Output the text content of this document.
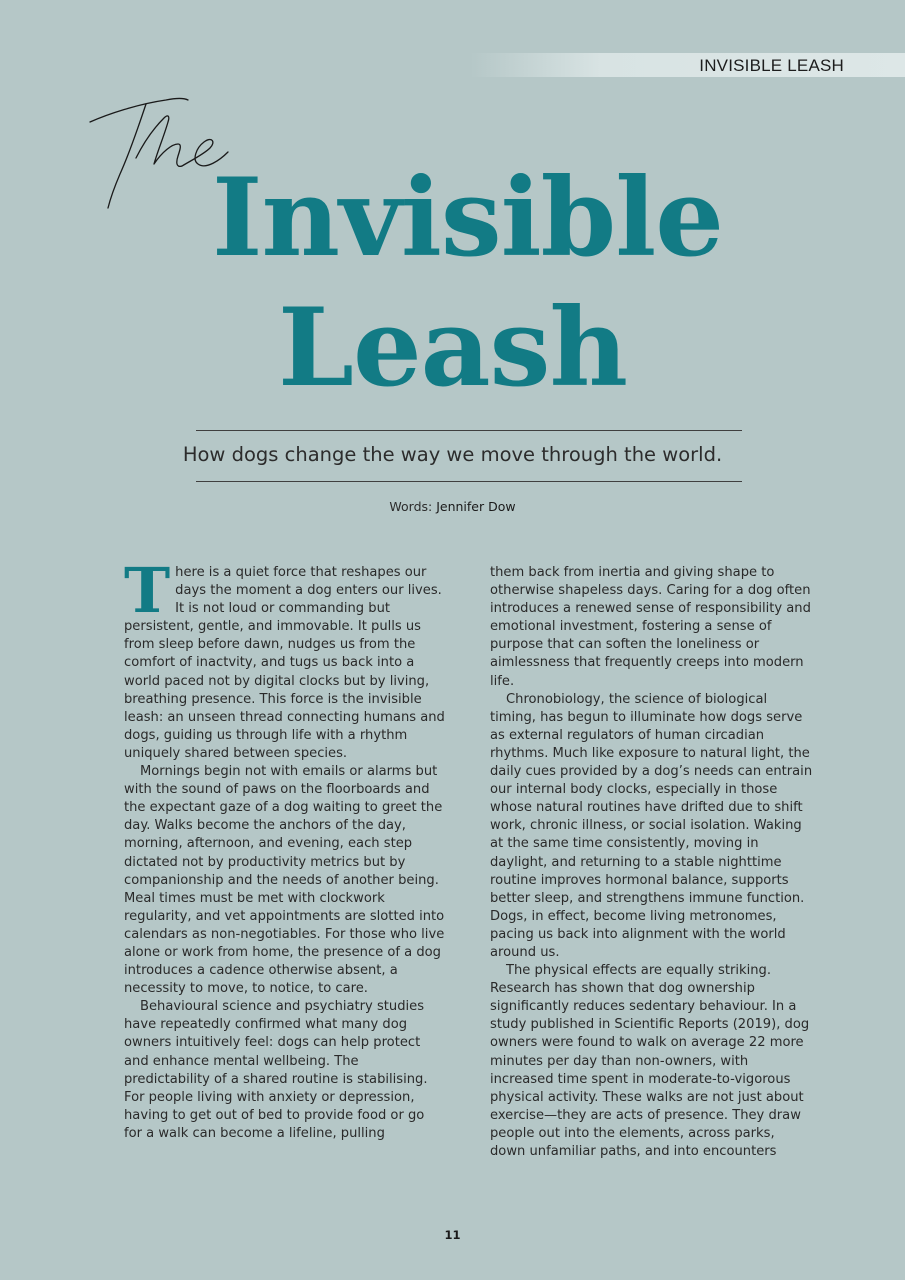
INVISIBLE LEASH
Invisible
Leash
How dogs change the way we move through the world.
Words: Jennifer Dow

There is a quiet force that reshapes our days the moment a dog enters our lives. It is not loud or commanding but persistent, gentle, and immovable. It pulls us from sleep before dawn, nudges us from the comfort of inactvity, and tugs us back into a world paced not by digital clocks but by living, breathing presence. This force is the invisible leash: an unseen thread connecting humans and dogs, guiding us through life with a rhythm uniquely shared between species.

Mornings begin not with emails or alarms but with the sound of paws on the floorboards and the expectant gaze of a dog waiting to greet the day. Walks become the anchors of the day, morning, afternoon, and evening, each step dictated not by productivity metrics but by companionship and the needs of another being. Meal times must be met with clockwork regularity, and vet appointments are slotted into calendars as non-negotiables. For those who live alone or work from home, the presence of a dog introduces a cadence otherwise absent, a necessity to move, to notice, to care.

Behavioural science and psychiatry studies have repeatedly confirmed what many dog owners intuitively feel: dogs can help protect and enhance mental wellbeing. The predictability of a shared routine is stabilising. For people living with anxiety or depression, having to get out of bed to provide food or go for a walk can become a lifeline, pulling

them back from inertia and giving shape to otherwise shapeless days. Caring for a dog often introduces a renewed sense of responsibility and emotional investment, fostering a sense of purpose that can soften the loneliness or aimlessness that frequently creeps into modern life.

Chronobiology, the science of biological timing, has begun to illuminate how dogs serve as external regulators of human circadian rhythms. Much like exposure to natural light, the daily cues provided by a dog’s needs can entrain our internal body clocks, especially in those whose natural routines have drifted due to shift work, chronic illness, or social isolation. Waking at the same time consistently, moving in daylight, and returning to a stable nighttime routine improves hormonal balance, supports better sleep, and strengthens immune function. Dogs, in effect, become living metronomes, pacing us back into alignment with the world around us.

The physical effects are equally striking. Research has shown that dog ownership significantly reduces sedentary behaviour. In a study published in Scientific Reports (2019), dog owners were found to walk on average 22 more minutes per day than non-owners, with increased time spent in moderate-to-vigorous physical activity. These walks are not just about exercise—they are acts of presence. They draw people out into the elements, across parks, down unfamiliar paths, and into encounters

11
